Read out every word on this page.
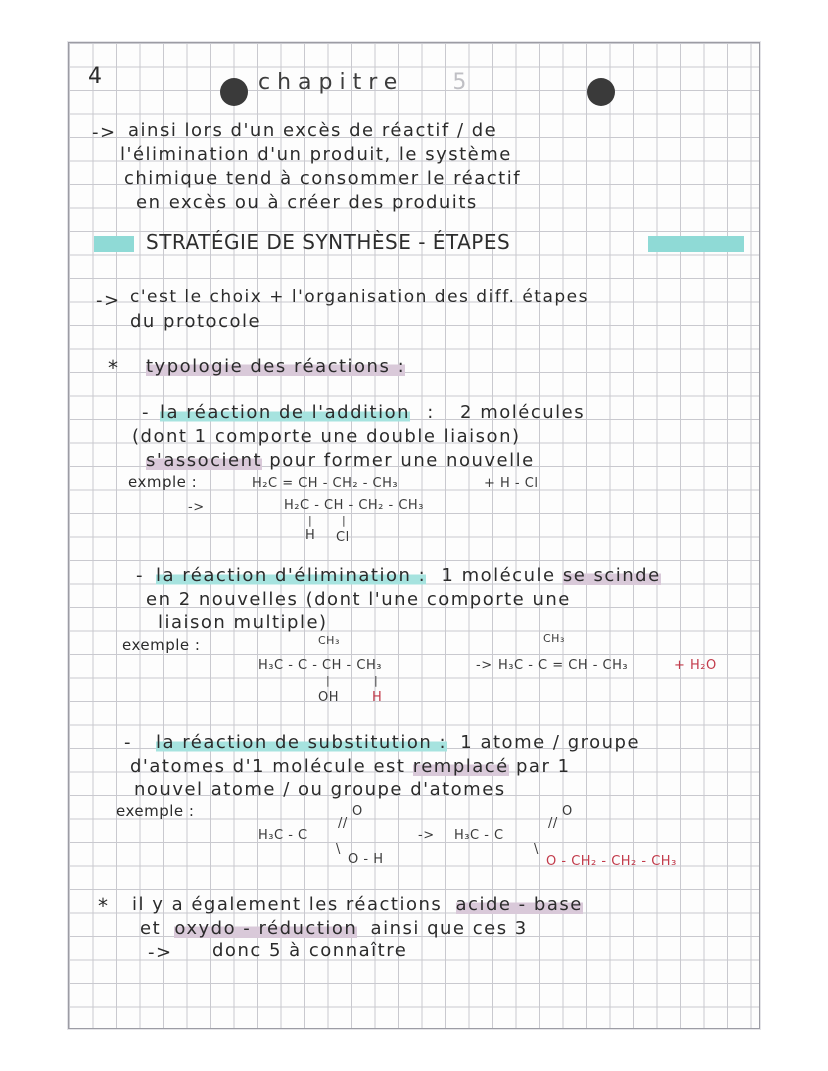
4	chapitre 5
-> ainsi lors d'un excès de réactif / de
l'élimination d'un produit, le système
chimique tend à consommer le réactif
en excès ou à créer des produits
STRATÉGIE DE SYNTHÈSE - ÉTAPES
-> c'est le choix + l'organisation des diff. étapes
du protocole
* typologie des réactions :
- la réaction de l'addition : 2 molécules
(dont 1 comporte une double liaison)
s'associent pour former une nouvelle
exmple :	H₂C = CH - CH₂ - CH₃	+ H - Cl
->	H₂C - CH - CH₂ - CH₃
|	|
H Cl
- la réaction d'élimination : 1 molécule se scinde
en 2 nouvelles (dont l'une comporte une
liaison multiple)
exemple :	CH₃
H₃C - C - CH - CH₃
|	|
OH	H
->
CH₃
H₃C - C = CH - CH₃	+ H₂O
- la réaction de substitution : 1 atome / groupe
d'atomes d'1 molécule est remplacé par 1
nouvel atome / ou groupe d'atomes
exemple :	O
//
H₃C - C
\
O - H
->
O
//
H₃C - C
\
O - CH₂ - CH₂ - CH₃
* il y a également les réactions acide - base
et oxydo - réduction ainsi que ces 3
-> donc 5 à connaître
